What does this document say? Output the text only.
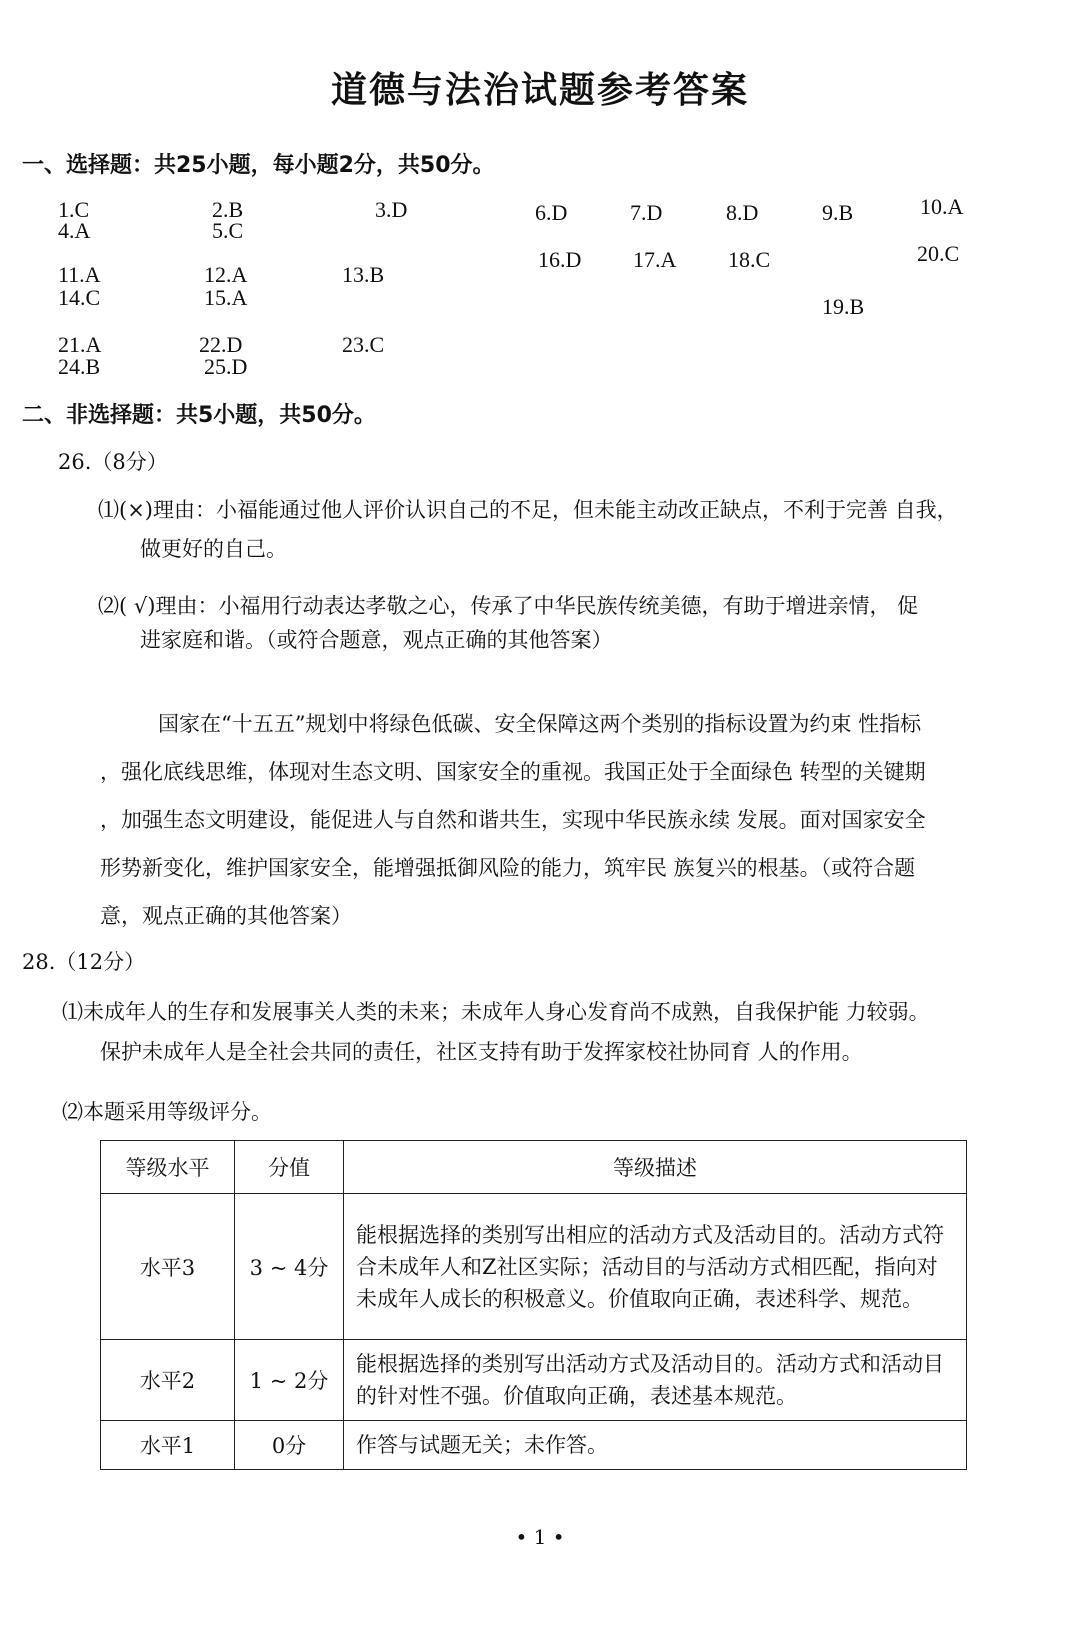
道德与法治试题参考答案
一、选择题：共25小题，每小题2分，共50分。
1.C	2.B	3.D
4.A	5.C
6.D	7.D	8.D	9.B	10.A
11.A	12.A	13.B
14.C	15.A
16.D 17.A 18.C
19.B
20.C
21.A	22.D	23.C
24.B	25.D
二、非选择题：共5小题，共50分。
26.（8分）
⑴(×)理由：小福能通过他人评价认识自己的不足，但未能主动改正缺点，不利于完善 自我，
做更好的自己。
⑵( √)理由：小福用行动表达孝敬之心，传承了中华民族传统美德，有助于增进亲情， 促
进家庭和谐。（或符合题意，观点正确的其他答案）
国家在“十五五”规划中将绿色低碳、安全保障这两个类别的指标设置为约束 性指标
，强化底线思维，体现对生态文明、国家安全的重视。我国正处于全面绿色 转型的关键期
，加强生态文明建设，能促进人与自然和谐共生，实现中华民族永续 发展。面对国家安全
形势新变化，维护国家安全，能增强抵御风险的能力，筑牢民 族复兴的根基。（或符合题
意，观点正确的其他答案）
28.（12分）
⑴未成年人的生存和发展事关人类的未来；未成年人身心发育尚不成熟，自我保护能 力较弱。
保护未成年人是全社会共同的责任，社区支持有助于发挥家校社协同育 人的作用。
⑵本题采用等级评分。
等级水平	分值	等级描述
水平3	3 ~ 4分	能根据选择的类别写出相应的活动方式及活动目的。活动方式符合未成年人和Z社区实际；活动目的与活动方式相匹配，指向对未成年人成长的积极意义。价值取向正确，表述科学、规范。
水平2	1 ~ 2分	能根据选择的类别写出活动方式及活动目的。活动方式和活动目的针对性不强。价值取向正确，表述基本规范。
水平1	0分	作答与试题无关；未作答。
• 1 •
